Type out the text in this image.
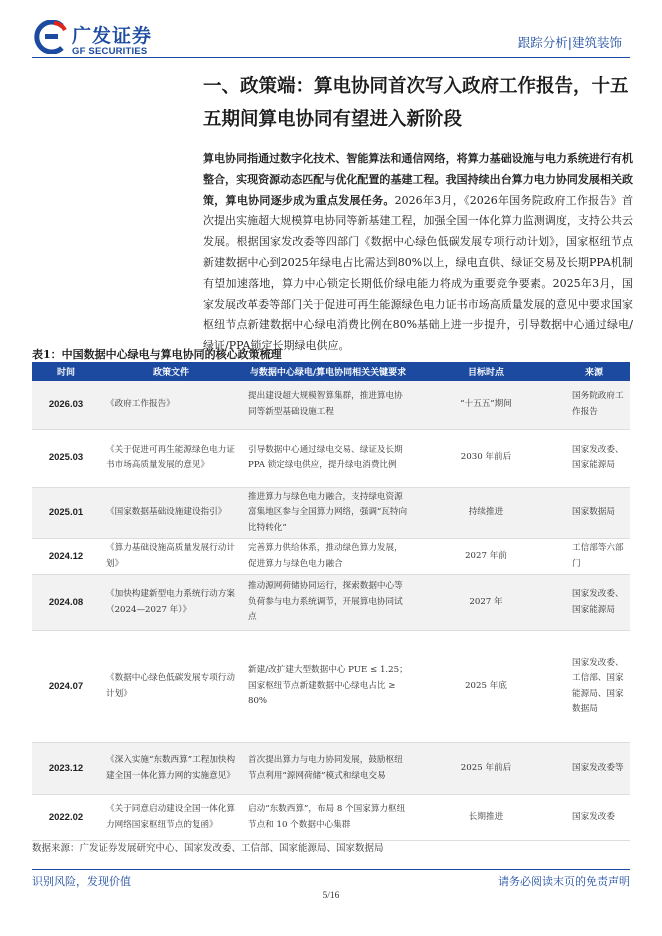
广发证券
GF SECURITIES
跟踪分析|建筑装饰
一、政策端：算电协同首次写入政府工作报告，十五五期间算电协同有望进入新阶段
算电协同指通过数字化技术、智能算法和通信网络，将算力基础设施与电力系统进行有机整合，实现资源动态匹配与优化配置的基建工程。我国持续出台算力电力协同发展相关政策，算电协同逐步成为重点发展任务。2026年3月，《2026年国务院政府工作报告》首次提出实施超大规模算电协同等新基建工程，加强全国一体化算力监测调度，支持公共云发展。根据国家发改委等四部门《数据中心绿色低碳发展专项行动计划》，国家枢纽节点新建数据中心到2025年绿电占比需达到80%以上，绿电直供、绿证交易及长期PPA机制有望加速落地，算力中心锁定长期低价绿电能力将成为重要竞争要素。2025年3月，国家发展改革委等部门关于促进可再生能源绿色电力证书市场高质量发展的意见中要求国家枢纽节点新建数据中心绿电消费比例在80%基础上进一步提升，引导数据中心通过绿电/绿证/PPA锁定长期绿电供应。
表1：中国数据中心绿电与算电协同的核心政策梳理
时间	政策文件	与数据中心绿电/算电协同相关关键要求	目标时点	来源
2026.03	《政府工作报告》	提出建设超大规模智算集群，推进算电协同等新型基础设施工程	“十五五”期间	国务院政府工作报告
2025.03	《关于促进可再生能源绿色电力证书市场高质量发展的意见》	引导数据中心通过绿电交易、绿证及长期 PPA 锁定绿电供应，提升绿电消费比例	2030 年前后	国家发改委、国家能源局
2025.01	《国家数据基础设施建设指引》	推进算力与绿色电力融合，支持绿电资源富集地区参与全国算力网络，强调“瓦特向比特转化”	持续推进	国家数据局
2024.12	《算力基础设施高质量发展行动计划》	完善算力供给体系，推动绿色算力发展，促进算力与绿色电力融合	2027 年前	工信部等六部门
2024.08	《加快构建新型电力系统行动方案（2024—2027 年）》	推动源网荷储协同运行，探索数据中心等负荷参与电力系统调节，开展算电协同试点	2027 年	国家发改委、国家能源局
2024.07	《数据中心绿色低碳发展专项行动计划》	新建/改扩建大型数据中心 PUE ≤ 1.25；国家枢纽节点新建数据中心绿电占比 ≥ 80%	2025 年底	国家发改委、工信部、国家能源局、国家数据局
2023.12	《深入实施“东数西算”工程加快构建全国一体化算力网的实施意见》	首次提出算力与电力协同发展，鼓励枢纽节点利用“源网荷储”模式和绿电交易	2025 年前后	国家发改委等
2022.02	《关于同意启动建设全国一体化算力网络国家枢纽节点的复函》	启动“东数西算”，布局 8 个国家算力枢纽节点和 10 个数据中心集群	长期推进	国家发改委
数据来源：广发证券发展研究中心、国家发改委、工信部、国家能源局、国家数据局
识别风险，发现价值	请务必阅读末页的免责声明
5/16
